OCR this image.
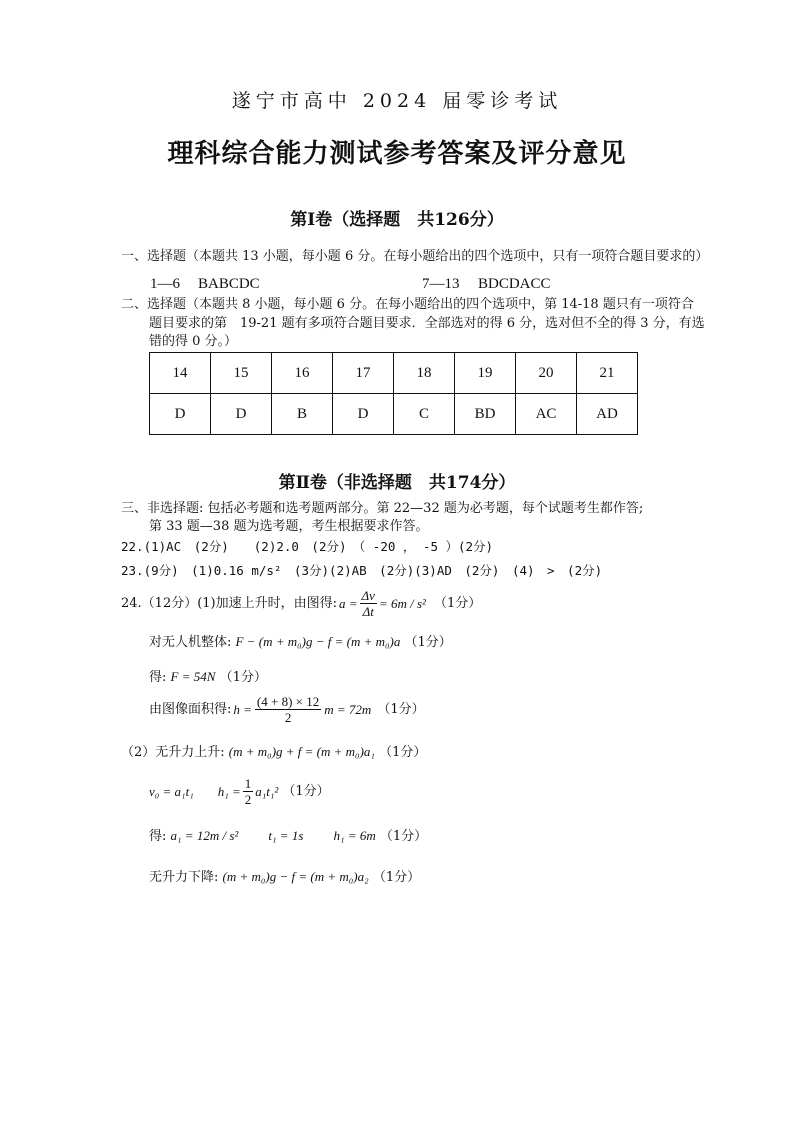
遂宁市高中 2024 届零诊考试
理科综合能力测试参考答案及评分意见
第Ⅰ卷（选择题　共126分）
一、选择题（本题共 13 小题，每小题 6 分。在每小题给出的四个选项中，只有一项符合题目要求的）
1—6 BABCDC	7—13 BDCDACC
二、选择题（本题共 8 小题，每小题 6 分。在每小题给出的四个选项中，第 14-18 题只有一项符合
题目要求的第　19-21 题有多项符合题目要求．全部选对的得 6 分，选对但不全的得 3 分，有选
错的得 0 分。）
14	15	16	17	18	19	20	21
D	D	B	D	C	BD	AC	AD
第Ⅱ卷（非选择题　共174分）
三、非选择题: 包括必考题和选考题两部分。第 22—32 题为必考题，每个试题考生都作答;
第 33 题—38 题为选考题，考生根据要求作答。
22.(1)AC　(2分)　　(2)2.0　(2分)　（ -20 ， -5 ）(2分)
23.(9分)　(1)0.16 m/s²　(3分)(2)AB　(2分)(3)AD　(2分)　(4)　>　(2分)
24.（12分）(1)加速上升时，由图得: $a = \frac{\Delta v}{\Delta t} = 6m / s^2$ （1分）
对无人机整体: F − (m + m₀)g − f = (m + m₀)a （1分）
得: F = 54N （1分）
由图像面积得: $h = \frac{(4 + 8) \times 12}{2}$ m = 72m （1分）
（2）无升力上升: (m + m₀)g + f = (m + m₀)a₁ （1分）
v₀ = a₁t₁ $h_1 = \frac{1}{2} a_1t_1^2$ （1分）
得: a₁ = 12m / s² t₁ = 1s h₁ = 6m （1分）
无升力下降: (m + m₀)g − f = (m + m₀)a₂ （1分）
